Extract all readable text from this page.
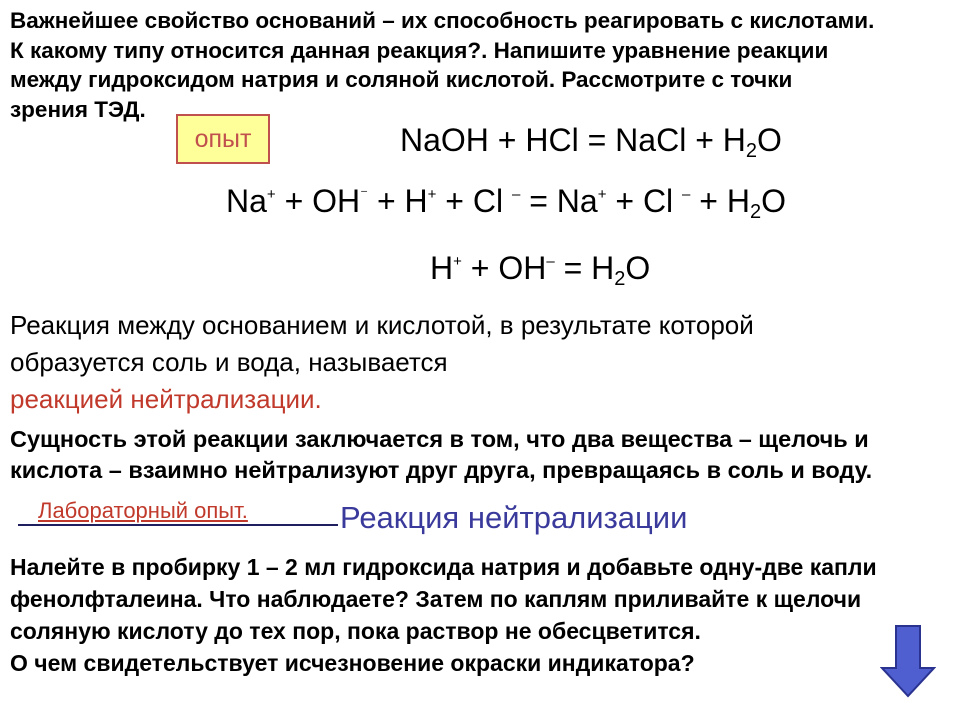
Важнейшее свойство оснований – их способность реагировать с кислотами.
К какому типу относится данная реакция?. Напишите уравнение реакции
между гидроксидом натрия и соляной кислотой. Рассмотрите с точки
зрения ТЭД.
опыт	NaOH + HCl = NaCl + $H_2O$
Na+ + OH⁻ + H+ + Cl – = Na+ + Cl $^- + H_2O$
$H^+ + OH^- = H_2O$
Реакция между основанием и кислотой, в результате которой
образуется соль и вода, называется
реакцией нейтрализации.
Сущность этой реакции заключается в том, что два вещества – щелочь и
кислота – взаимно нейтрализуют друг друга, превращаясь в соль и воду.
Лабораторный опыт.	Реакция нейтрализации
Налейте в пробирку 1 – 2 мл гидроксида натрия и добавьте одну-две капли
фенолфталеина. Что наблюдаете? Затем по каплям приливайте к щелочи
соляную кислоту до тех пор, пока раствор не обесцветится.
О чем свидетельствует исчезновение окраски индикатора?
